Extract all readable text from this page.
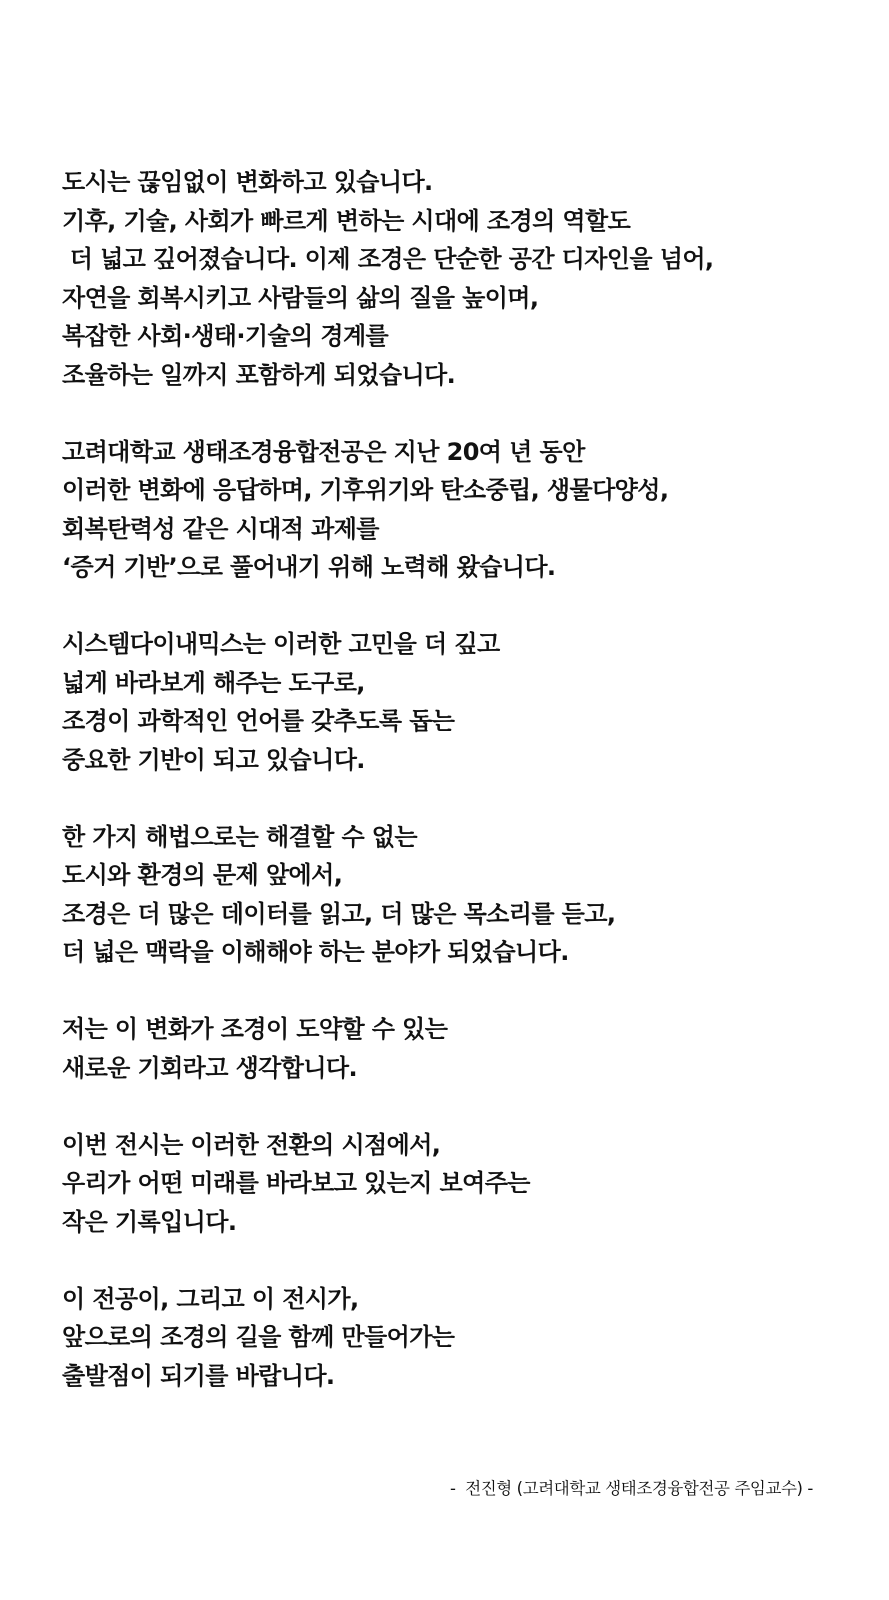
도시는 끊임없이 변화하고 있습니다.
기후, 기술, 사회가 빠르게 변하는 시대에 조경의 역할도
더 넓고 깊어졌습니다. 이제 조경은 단순한 공간 디자인을 넘어,
자연을 회복시키고 사람들의 삶의 질을 높이며,
복잡한 사회·생태·기술의 경계를
조율하는 일까지 포함하게 되었습니다.
고려대학교 생태조경융합전공은 지난 20여 년 동안
이러한 변화에 응답하며, 기후위기와 탄소중립, 생물다양성,
회복탄력성 같은 시대적 과제를
‘증거 기반’으로 풀어내기 위해 노력해 왔습니다.
시스템다이내믹스는 이러한 고민을 더 깊고
넓게 바라보게 해주는 도구로,
조경이 과학적인 언어를 갖추도록 돕는
중요한 기반이 되고 있습니다.
한 가지 해법으로는 해결할 수 없는
도시와 환경의 문제 앞에서,
조경은 더 많은 데이터를 읽고, 더 많은 목소리를 듣고,
더 넓은 맥락을 이해해야 하는 분야가 되었습니다.
저는 이 변화가 조경이 도약할 수 있는
새로운 기회라고 생각합니다.
이번 전시는 이러한 전환의 시점에서,
우리가 어떤 미래를 바라보고 있는지 보여주는
작은 기록입니다.
이 전공이, 그리고 이 전시가,
앞으로의 조경의 길을 함께 만들어가는
출발점이 되기를 바랍니다.
-  전진형 (고려대학교 생태조경융합전공 주임교수) -
